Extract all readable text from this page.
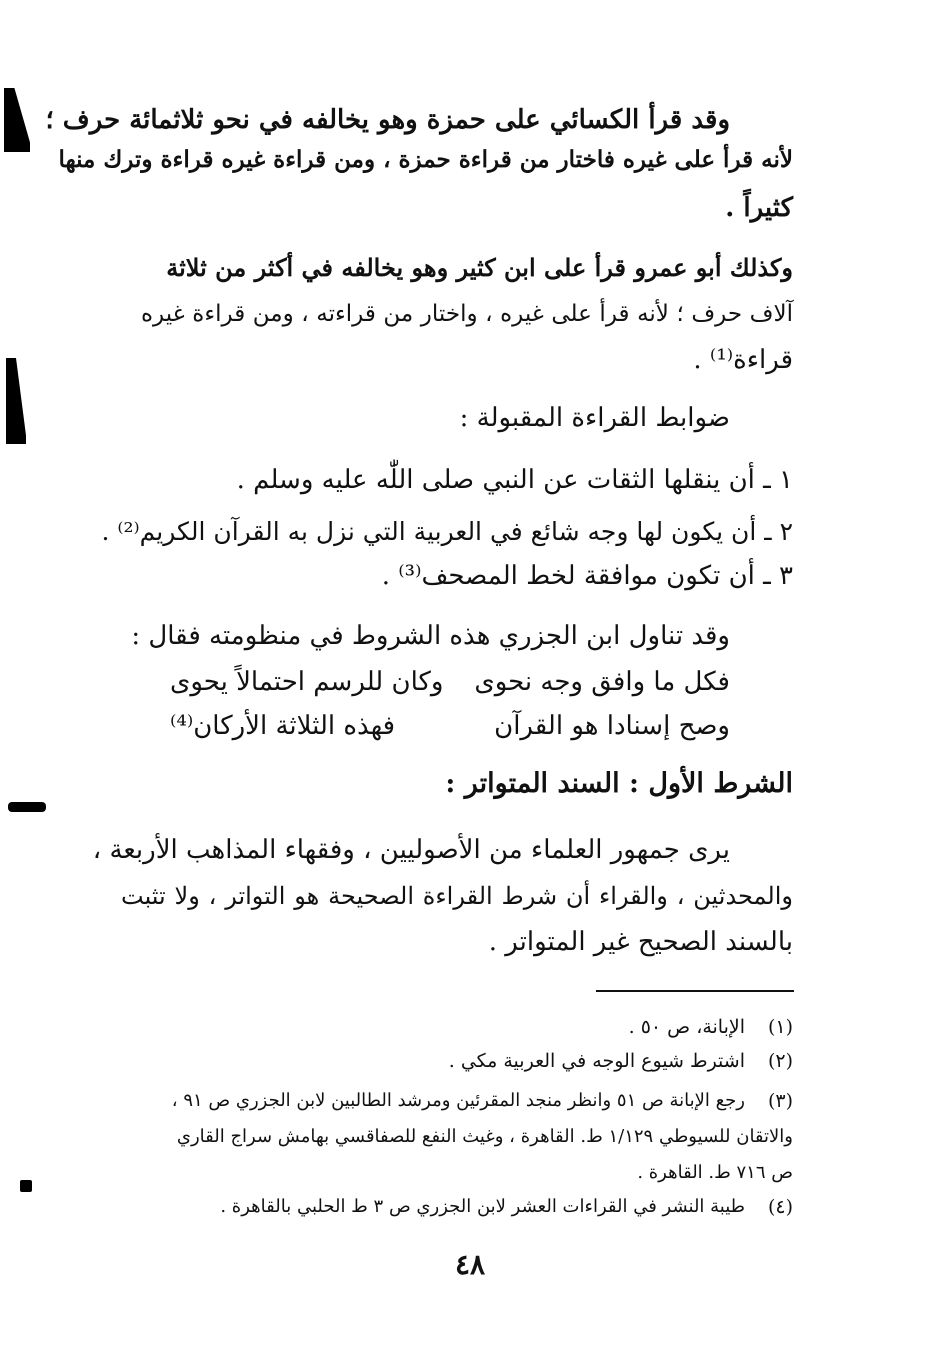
وقد قرأ الكسائي على حمزة وهو يخالفه في نحو ثلاثمائة حرف ؛

لأنه قرأ على غيره فاختار من قراءة حمزة ، ومن قراءة غيره قراءة وترك منها

كثيراً .

وكذلك أبو عمرو قرأ على ابن كثير وهو يخالفه في أكثر من ثلاثة

آلاف حرف ؛ لأنه قرأ على غيره ، واختار من قراءته ، ومن قراءة غيره

قراءة⁽¹⁾ .

ضوابط القراءة المقبولة :

١ ـ أن ينقلها الثقات عن النبي صلى اللّٰه عليه وسلم .

٢ ـ أن يكون لها وجه شائع في العربية التي نزل به القرآن الكريم⁽²⁾ .

٣ ـ أن تكون موافقة لخط المصحف⁽³⁾ .

وقد تناول ابن الجزري هذه الشروط في منظومته فقال :

فكل ما وافق وجه نحوى
وكان للرسم احتمالاً يحوى
وصح إسنادا هو القرآن
فهذه الثلاثة الأركان⁽⁴⁾

الشرط الأول : السند المتواتر :

يرى جمهور العلماء من الأصوليين ، وفقهاء المذاهب الأربعة ،

والمحدثين ، والقراء أن شرط القراءة الصحيحة هو التواتر ، ولا تثبت

بالسند الصحيح غير المتواتر .

(١)
الإبانة، ص ٥٠ .
(٢)
اشترط شيوع الوجه في العربية مكي .
(٣)
رجع الإبانة ص ٥١ وانظر منجد المقرئين ومرشد الطالبين لابن الجزري ص ٩١ ،
والاتقان للسيوطي ١/١٢٩ ط. القاهرة ، وغيث النفع للصفاقسي بهامش سراج القاري
ص ٧١٦ ط. القاهرة .
(٤)
طيبة النشر في القراءات العشر لابن الجزري ص ٣ ط الحلبي بالقاهرة .
٤٨
